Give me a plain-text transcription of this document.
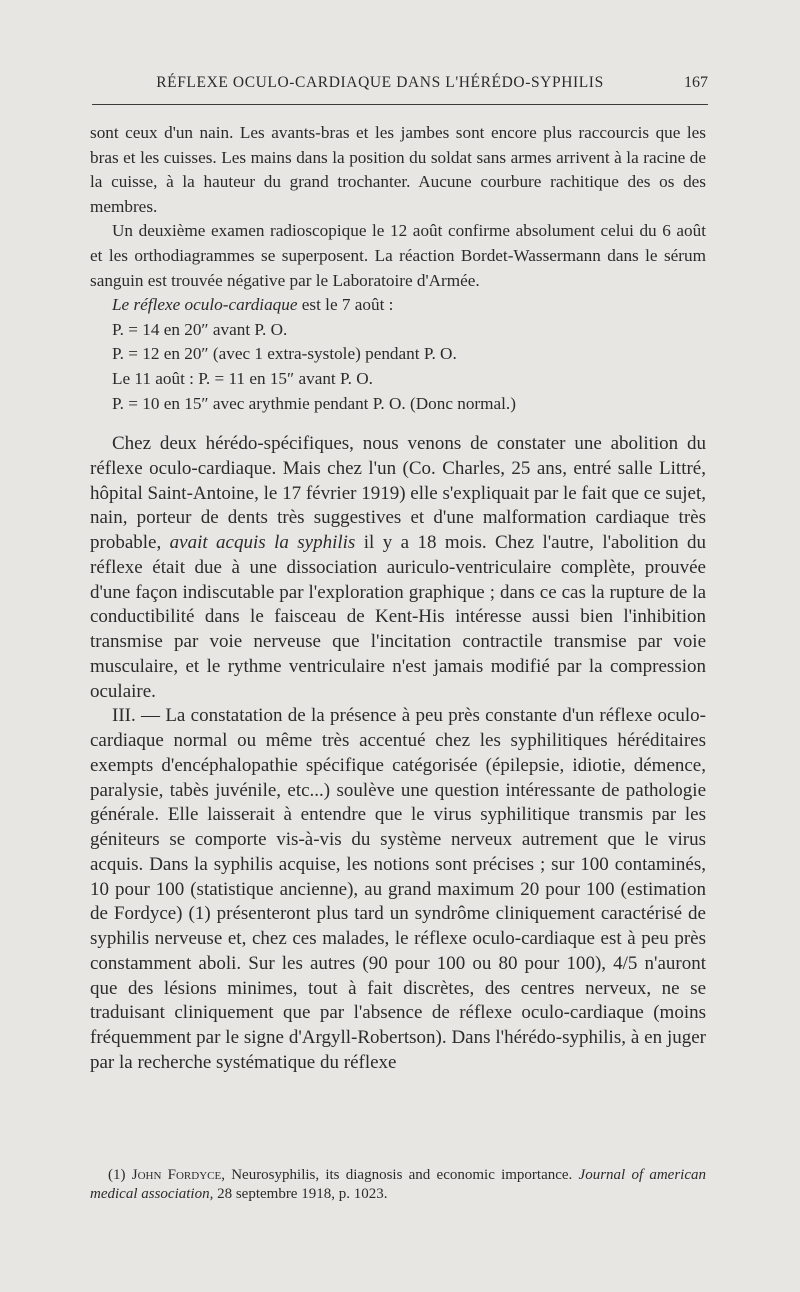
RÉFLEXE OCULO-CARDIAQUE DANS L'HÉRÉDO-SYPHILIS	167

sont ceux d'un nain. Les avants-bras et les jambes sont encore plus raccourcis que les bras et les cuisses. Les mains dans la position du soldat sans armes arrivent à la racine de la cuisse, à la hauteur du grand trochanter. Aucune courbure rachitique des os des membres.

Un deuxième examen radioscopique le 12 août confirme absolument celui du 6 août et les orthodiagrammes se superposent. La réaction Bordet-Wassermann dans le sérum sanguin est trouvée négative par le Laboratoire d'Armée.

Le réflexe oculo-cardiaque est le 7 août :

P. = 14 en 20″ avant P. O.

P. = 12 en 20″ (avec 1 extra-systole) pendant P. O.

Le 11 août : P. = 11 en 15″ avant P. O.

P. = 10 en 15″ avec arythmie pendant P. O. (Donc normal.)

Chez deux hérédo-spécifiques, nous venons de constater une abolition du réflexe oculo-cardiaque. Mais chez l'un (Co. Charles, 25 ans, entré salle Littré, hôpital Saint-Antoine, le 17 février 1919) elle s'expliquait par le fait que ce sujet, nain, porteur de dents très suggestives et d'une malformation cardiaque très probable, avait acquis la syphilis il y a 18 mois. Chez l'autre, l'abolition du réflexe était due à une dissociation auriculo-ventriculaire complète, prouvée d'une façon indiscutable par l'exploration graphique ; dans ce cas la rupture de la conductibilité dans le faisceau de Kent-His intéresse aussi bien l'inhibition transmise par voie nerveuse que l'incitation contractile transmise par voie musculaire, et le rythme ventriculaire n'est jamais modifié par la compression oculaire.

III. — La constatation de la présence à peu près constante d'un réflexe oculo-cardiaque normal ou même très accentué chez les syphilitiques héréditaires exempts d'encéphalopathie spécifique catégorisée (épilepsie, idiotie, démence, paralysie, tabès juvénile, etc...) soulève une question intéressante de pathologie générale. Elle laisserait à entendre que le virus syphilitique transmis par les géniteurs se comporte vis-à-vis du système nerveux autrement que le virus acquis. Dans la syphilis acquise, les notions sont précises ; sur 100 contaminés, 10 pour 100 (statistique ancienne), au grand maximum 20 pour 100 (estimation de Fordyce) (1) présenteront plus tard un syndrôme cliniquement caractérisé de syphilis nerveuse et, chez ces malades, le réflexe oculo-cardiaque est à peu près constamment aboli. Sur les autres (90 pour 100 ou 80 pour 100), 4/5 n'auront que des lésions minimes, tout à fait discrètes, des centres nerveux, ne se traduisant cliniquement que par l'absence de réflexe oculo-cardiaque (moins fréquemment par le signe d'Argyll-Robertson). Dans l'hérédo-syphilis, à en juger par la recherche systématique du réflexe

(1) John Fordyce, Neurosyphilis, its diagnosis and economic importance. Journal of american medical association, 28 septembre 1918, p. 1023.
